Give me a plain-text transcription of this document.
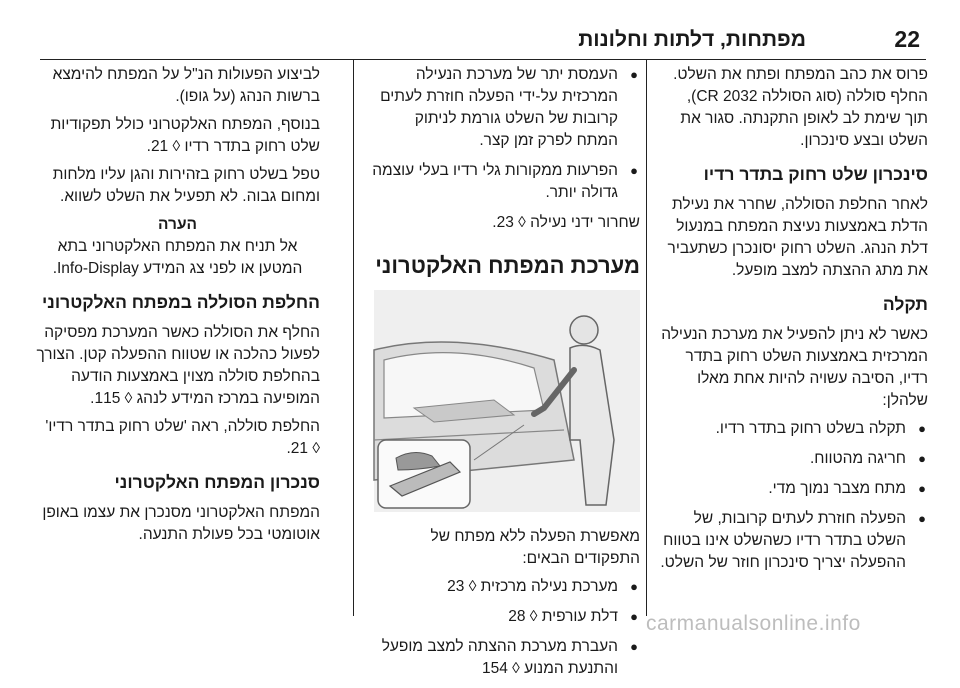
22
מפתחות, דלתות וחלונות

פרוס את כהב המפתח ופתח את השלט. החלף סוללה (סוג הסוללה CR 2032), תוך שימת לב לאופן התקנתה. סגור את השלט ובצע סינכרון.

סינכרון שלט רחוק בתדר רדיו

לאחר החלפת הסוללה, שחרר את נעילת הדלת באמצעות נעיצת המפתח במנעול דלת הנהג. השלט רחוק יסונכרן כשתעביר את מתג ההצתה למצב מופעל.

תקלה

כאשר לא ניתן להפעיל את מערכת הנעילה המרכזית באמצעות השלט רחוק בתדר רדיו, הסיבה עשויה להיות אחת מאלו שלהלן:

● תקלה בשלט רחוק בתדר רדיו.
● חריגה מהטווח.
● מתח מצבר נמוך מדי.
● הפעלה חוזרת לעתים קרובות, של השלט בתדר רדיו כשהשלט אינו בטווח ההפעלה יצריך סינכרון חוזר של השלט.
● העמסת יתר של מערכת הנעילה המרכזית על-ידי הפעלה חוזרת לעתים קרובות של השלט גורמת לניתוק המתח לפרק זמן קצר.
● הפרעות ממקורות גלי רדיו בעלי עוצמה גדולה יותר.

שחרור ידני נעילה ◊ 23.

מערכת המפתח האלקטרוני

מאפשרת הפעלה ללא מפתח של התפקודים הבאים:

● מערכת נעילה מרכזית ◊ 23
● דלת עורפית ◊ 28
● העברת מערכת ההצתה למצב מופעל והתנעת המנוע ◊ 154

לביצוע הפעולות הנ"ל על המפתח להימצא ברשות הנהג (על גופו).

בנוסף, המפתח האלקטרוני כולל תפקודיות שלט רחוק בתדר רדיו ◊ 21.

טפל בשלט רחוק בזהירות והגן עליו מלחות ומחום גבוה. לא תפעיל את השלט לשווא.

הערה

אל תניח את המפתח האלקטרוני בתא המטען או לפני צג המידע Info-Display.

החלפת הסוללה במפתח האלקטרוני

החלף את הסוללה כאשר המערכת מפסיקה לפעול כהלכה או שטווח ההפעלה קטן. הצורך בהחלפת סוללה מצוין באמצעות הודעה המופיעה במרכז המידע לנהג ◊ 115.

החלפת סוללה, ראה 'שלט רחוק בתדר רדיו' ◊ 21.

סנכרון המפתח האלקטרוני

המפתח האלקטרוני מסנכרן את עצמו באופן אוטומטי בכל פעולת התנעה.

carmanualsonline.info
